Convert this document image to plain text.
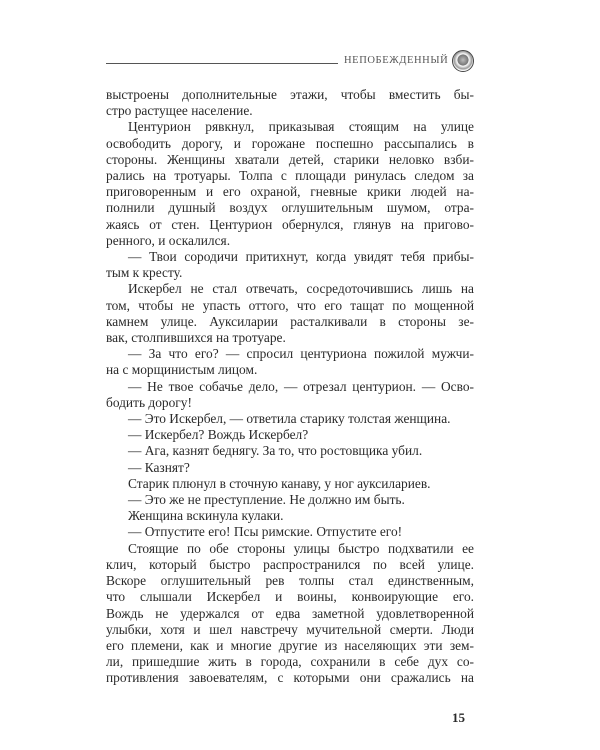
НЕПОБЕЖДЕННЫЙ
выстроены дополнительные этажи, чтобы вместить бы-
стро растущее население.
Центурион рявкнул, приказывая стоящим на улице
освободить дорогу, и горожане поспешно рассыпались в
стороны. Женщины хватали детей, старики неловко взби-
рались на тротуары. Толпа с площади ринулась следом за
приговоренным и его охраной, гневные крики людей на-
полнили душный воздух оглушительным шумом, отра-
жаясь от стен. Центурион обернулся, глянув на пригово-
ренного, и оскалился.
— Твои сородичи притихнут, когда увидят тебя прибы-
тым к кресту.
Искербел не стал отвечать, сосредоточившись лишь на
том, чтобы не упасть оттого, что его тащат по мощенной
камнем улице. Ауксиларии расталкивали в стороны зе-
вак, столпившихся на тротуаре.
— За что его? — спросил центуриона пожилой мужчи-
на с морщинистым лицом.
— Не твое собачье дело, — отрезал центурион. — Осво-
бодить дорогу!
— Это Искербел, — ответила старику толстая женщина.
— Искербел? Вождь Искербел?
— Ага, казнят беднягу. За то, что ростовщика убил.
— Казнят?
Старик плюнул в сточную канаву, у ног ауксилариев.
— Это же не преступление. Не должно им быть.
Женщина вскинула кулаки.
— Отпустите его! Псы римские. Отпустите его!
Стоящие по обе стороны улицы быстро подхватили ее
клич, который быстро распространился по всей улице.
Вскоре оглушительный рев толпы стал единственным,
что слышали Искербел и воины, конвоирующие его.
Вождь не удержался от едва заметной удовлетворенной
улыбки, хотя и шел навстречу мучительной смерти. Люди
его племени, как и многие другие из населяющих эти зем-
ли, пришедшие жить в города, сохранили в себе дух со-
противления завоевателям, с которыми они сражались на
15
